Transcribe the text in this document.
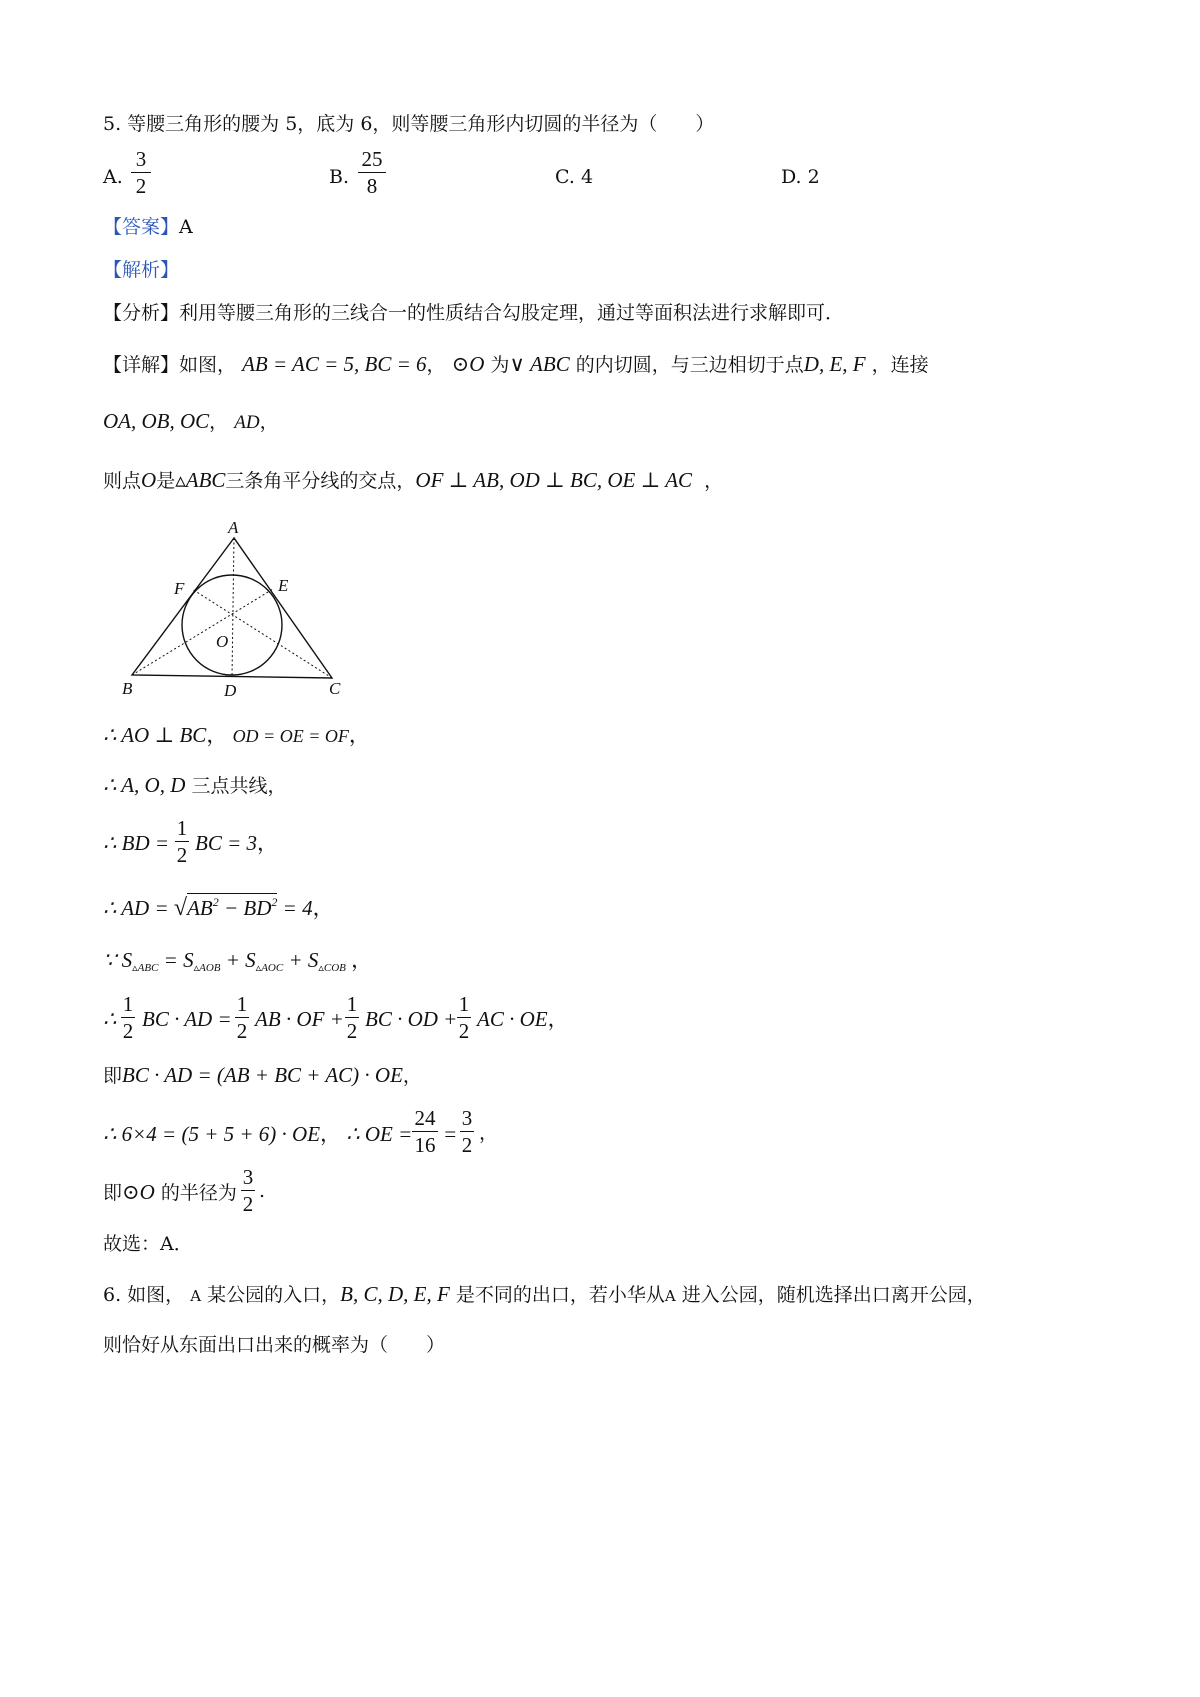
5. 等腰三角形的腰为 5，底为 6，则等腰三角形内切圆的半径为（　　）
A.
3
2	B.
25
8	C. 4	D. 2
【答案】A
【解析】
【分析】利用等腰三角形的三线合一的性质结合勾股定理，通过等面积法进行求解即可．
【详解】如图， AB = AC = 5, BC = 6， ⊙O 为∨ ABC 的内切圆，与三边相切于点D, E, F ，连接
OA, OB, OC， AD，
则点O是▵ABC三条角平分线的交点，OF ⊥ AB, OD ⊥ BC, OE ⊥ AC ，
A
F	E
O
B	D	C
∴ AO ⊥ BC， OD = OE = OF，
∴ A, O, D 三点共线，
∴ BD =
1
2 BC = 3，
∴ AD = $√AB^2 - BD^2 = 4$，
∵ $S_{▵ABC} = S_{▵AOB} + S_{▵AOC} + S_{▵COB}$ ，
∴
1
2 BC · AD =
1
2 AB · OF +
1
2 BC · OD +
1
2 AC · OE，
即BC · AD = (AB + BC + AC) · OE，
∴ 6×4 = (5 + 5 + 6) · OE， ∴ OE =
24
16 =
3
2 ，
即⊙O 的半径为
3
2
.
故选：A．
6. 如图， A 某公园的入口，B, C, D, E, F 是不同的出口，若小华从A 进入公园，随机选择出口离开公园，
则恰好从东面出口出来的概率为（　　）
